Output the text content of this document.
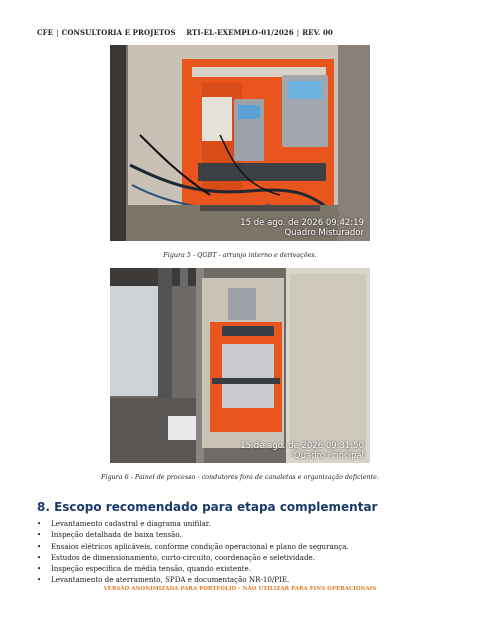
CFE | CONSULTORIA E PROJETOS RTI-EL-EXEMPLO-01/2026 | REV. 00
15 de ago. de 2026 09:42:19
Quadro Misturador
Figura 5 - QGBT - arranjo interno e derivações.
15 de ago. de 2026 09:31:50
Quadro Principal
Figura 6 - Painel de processo - condutores fora de canaletas e organização deficiente.
8. Escopo recomendado para etapa complementar
• Levantamento cadastral e diagrama unifilar.
• Inspeção detalhada de baixa tensão.
• Ensaios elétricos aplicáveis, conforme condição operacional e plano de segurança.
• Estudos de dimensionamento, curto-circuito, coordenação e seletividade.
• Inspeção específica de média tensão, quando existente.
• Levantamento de aterramento, SPDA e documentação NR-10/PIE.
VERSÃO ANONIMIZADA PARA PORTFÓLIO - NÃO UTILIZAR PARA FINS OPERACIONAIS
